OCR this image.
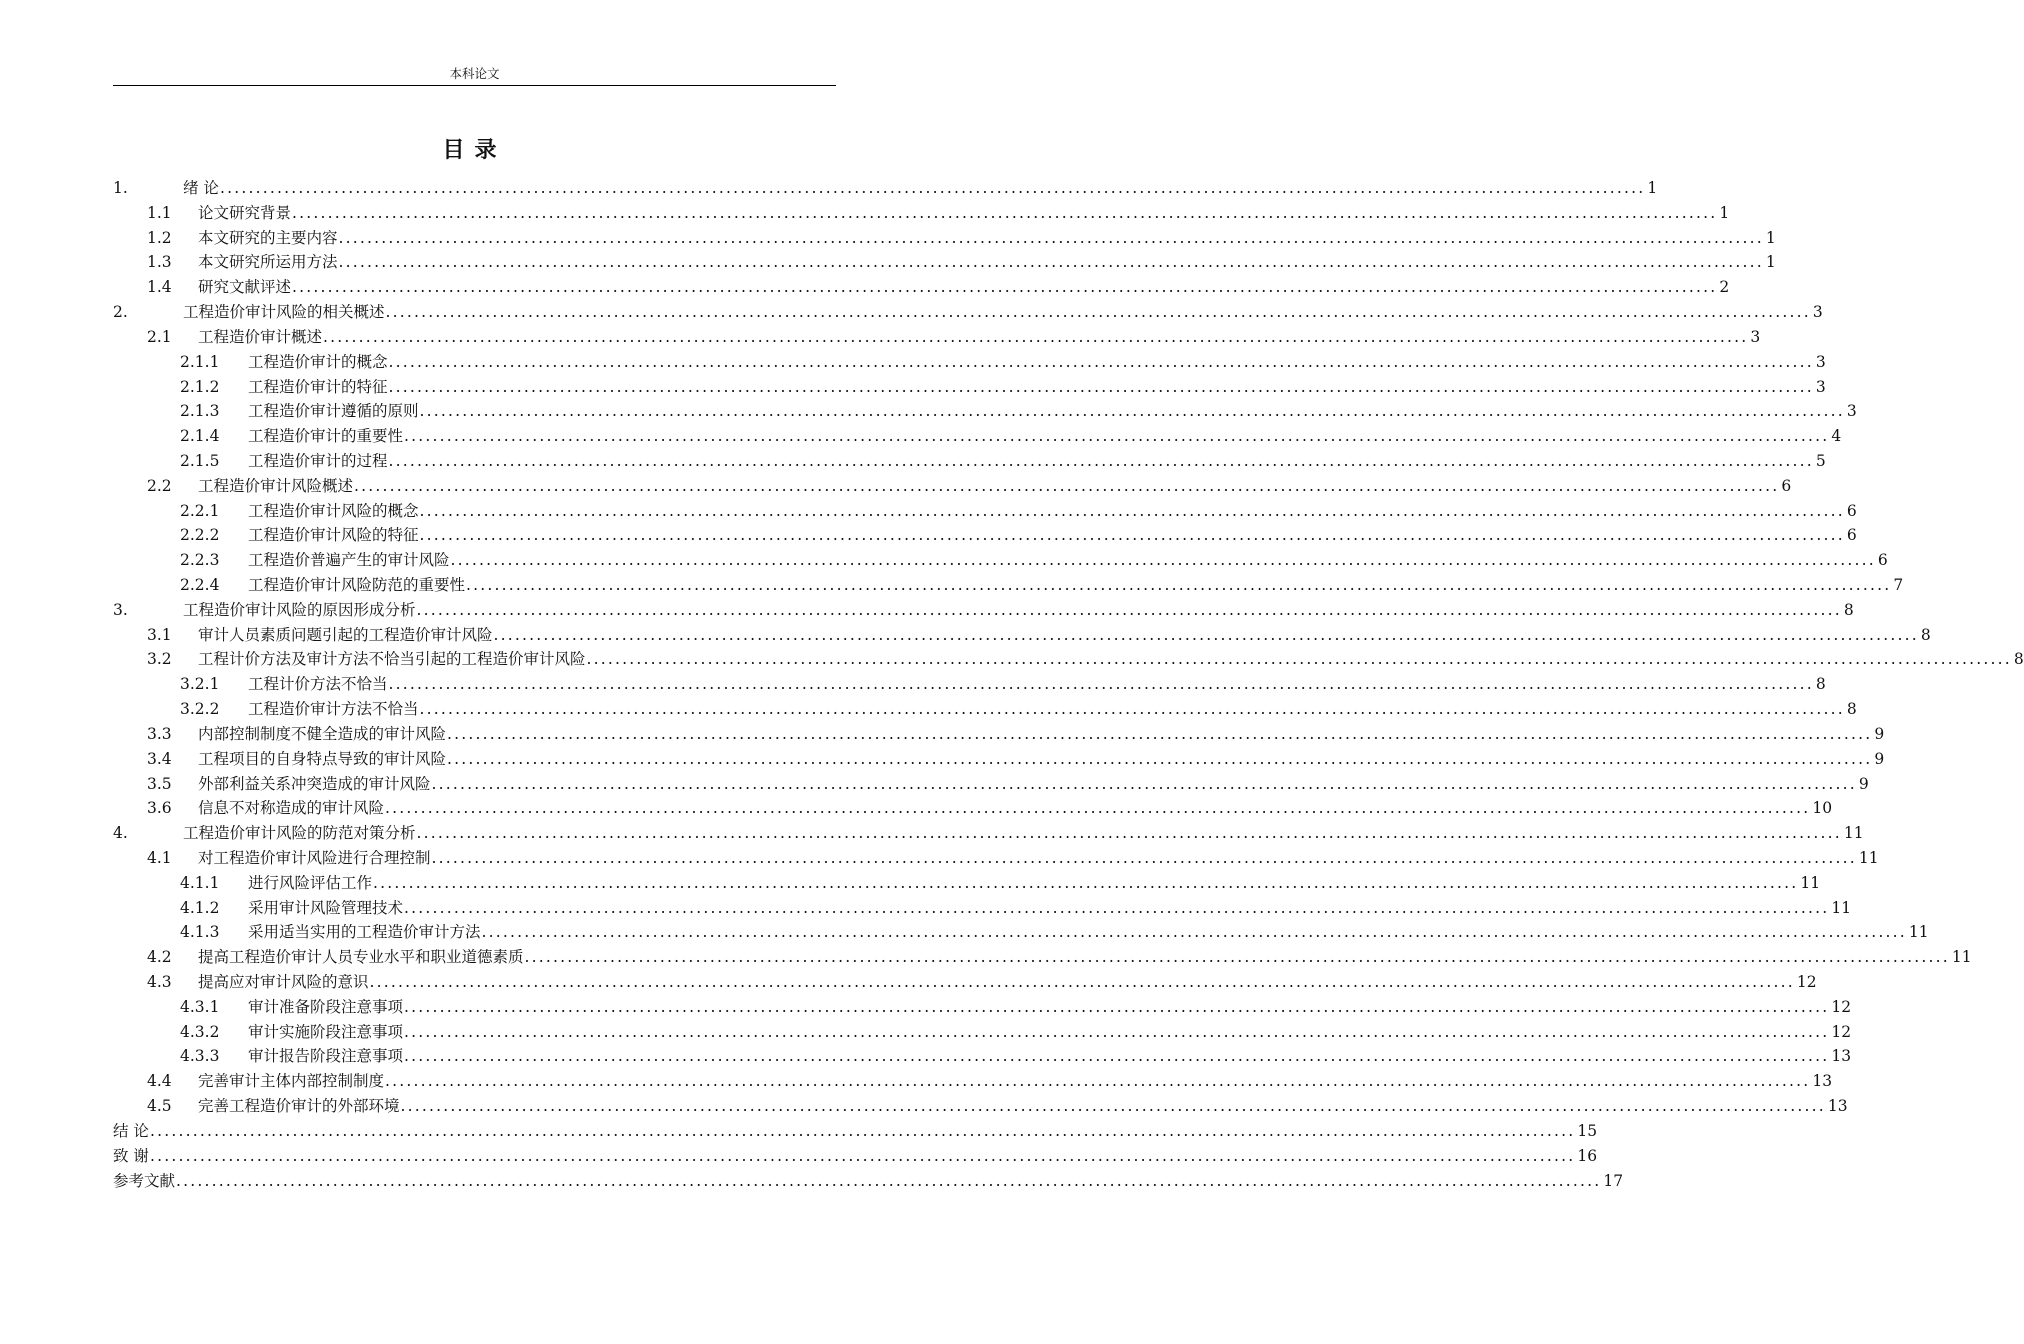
本科论文
目录
1.	绪 论 ........................................................................................................................................................................................................ 1
1.1	论文研究背景 ........................................................................................................................................................................................................ 1
1.2	本文研究的主要内容 ........................................................................................................................................................................................................ 1
1.3	本文研究所运用方法 ........................................................................................................................................................................................................ 1
1.4	研究文献评述 ........................................................................................................................................................................................................ 2
2.	工程造价审计风险的相关概述 ........................................................................................................................................................................................................ 3
2.1	工程造价审计概述 ........................................................................................................................................................................................................ 3
2.1.1	工程造价审计的概念 ........................................................................................................................................................................................................ 3
2.1.2	工程造价审计的特征 ........................................................................................................................................................................................................ 3
2.1.3	工程造价审计遵循的原则 ........................................................................................................................................................................................................ 3
2.1.4	工程造价审计的重要性 ........................................................................................................................................................................................................ 4
2.1.5	工程造价审计的过程 ........................................................................................................................................................................................................ 5
2.2	工程造价审计风险概述 ........................................................................................................................................................................................................ 6
2.2.1	工程造价审计风险的概念 ........................................................................................................................................................................................................ 6
2.2.2	工程造价审计风险的特征 ........................................................................................................................................................................................................ 6
2.2.3	工程造价普遍产生的审计风险 ........................................................................................................................................................................................................ 6
2.2.4	工程造价审计风险防范的重要性 ........................................................................................................................................................................................................ 7
3.	工程造价审计风险的原因形成分析 ........................................................................................................................................................................................................ 8
3.1	审计人员素质问题引起的工程造价审计风险 ........................................................................................................................................................................................................ 8
3.2	工程计价方法及审计方法不恰当引起的工程造价审计风险 ........................................................................................................................................................................................................ 8
3.2.1	工程计价方法不恰当 ........................................................................................................................................................................................................ 8
3.2.2	工程造价审计方法不恰当 ........................................................................................................................................................................................................ 8
3.3	内部控制制度不健全造成的审计风险 ........................................................................................................................................................................................................ 9
3.4	工程项目的自身特点导致的审计风险 ........................................................................................................................................................................................................ 9
3.5	外部利益关系冲突造成的审计风险 ........................................................................................................................................................................................................ 9
3.6	信息不对称造成的审计风险 ........................................................................................................................................................................................................ 10
4.	工程造价审计风险的防范对策分析 ........................................................................................................................................................................................................ 11
4.1	对工程造价审计风险进行合理控制 ........................................................................................................................................................................................................ 11
4.1.1	进行风险评估工作 ........................................................................................................................................................................................................ 11
4.1.2	采用审计风险管理技术 ........................................................................................................................................................................................................ 11
4.1.3	采用适当实用的工程造价审计方法 ........................................................................................................................................................................................................ 11
4.2	提高工程造价审计人员专业水平和职业道德素质 ........................................................................................................................................................................................................ 11
4.3	提高应对审计风险的意识 ........................................................................................................................................................................................................ 12
4.3.1	审计准备阶段注意事项 ........................................................................................................................................................................................................ 12
4.3.2	审计实施阶段注意事项 ........................................................................................................................................................................................................ 12
4.3.3	审计报告阶段注意事项 ........................................................................................................................................................................................................ 13
4.4	完善审计主体内部控制制度 ........................................................................................................................................................................................................ 13
4.5	完善工程造价审计的外部环境 ........................................................................................................................................................................................................ 13
结 论 ........................................................................................................................................................................................................ 15
致 谢 ........................................................................................................................................................................................................ 16
参考文献 ........................................................................................................................................................................................................ 17
